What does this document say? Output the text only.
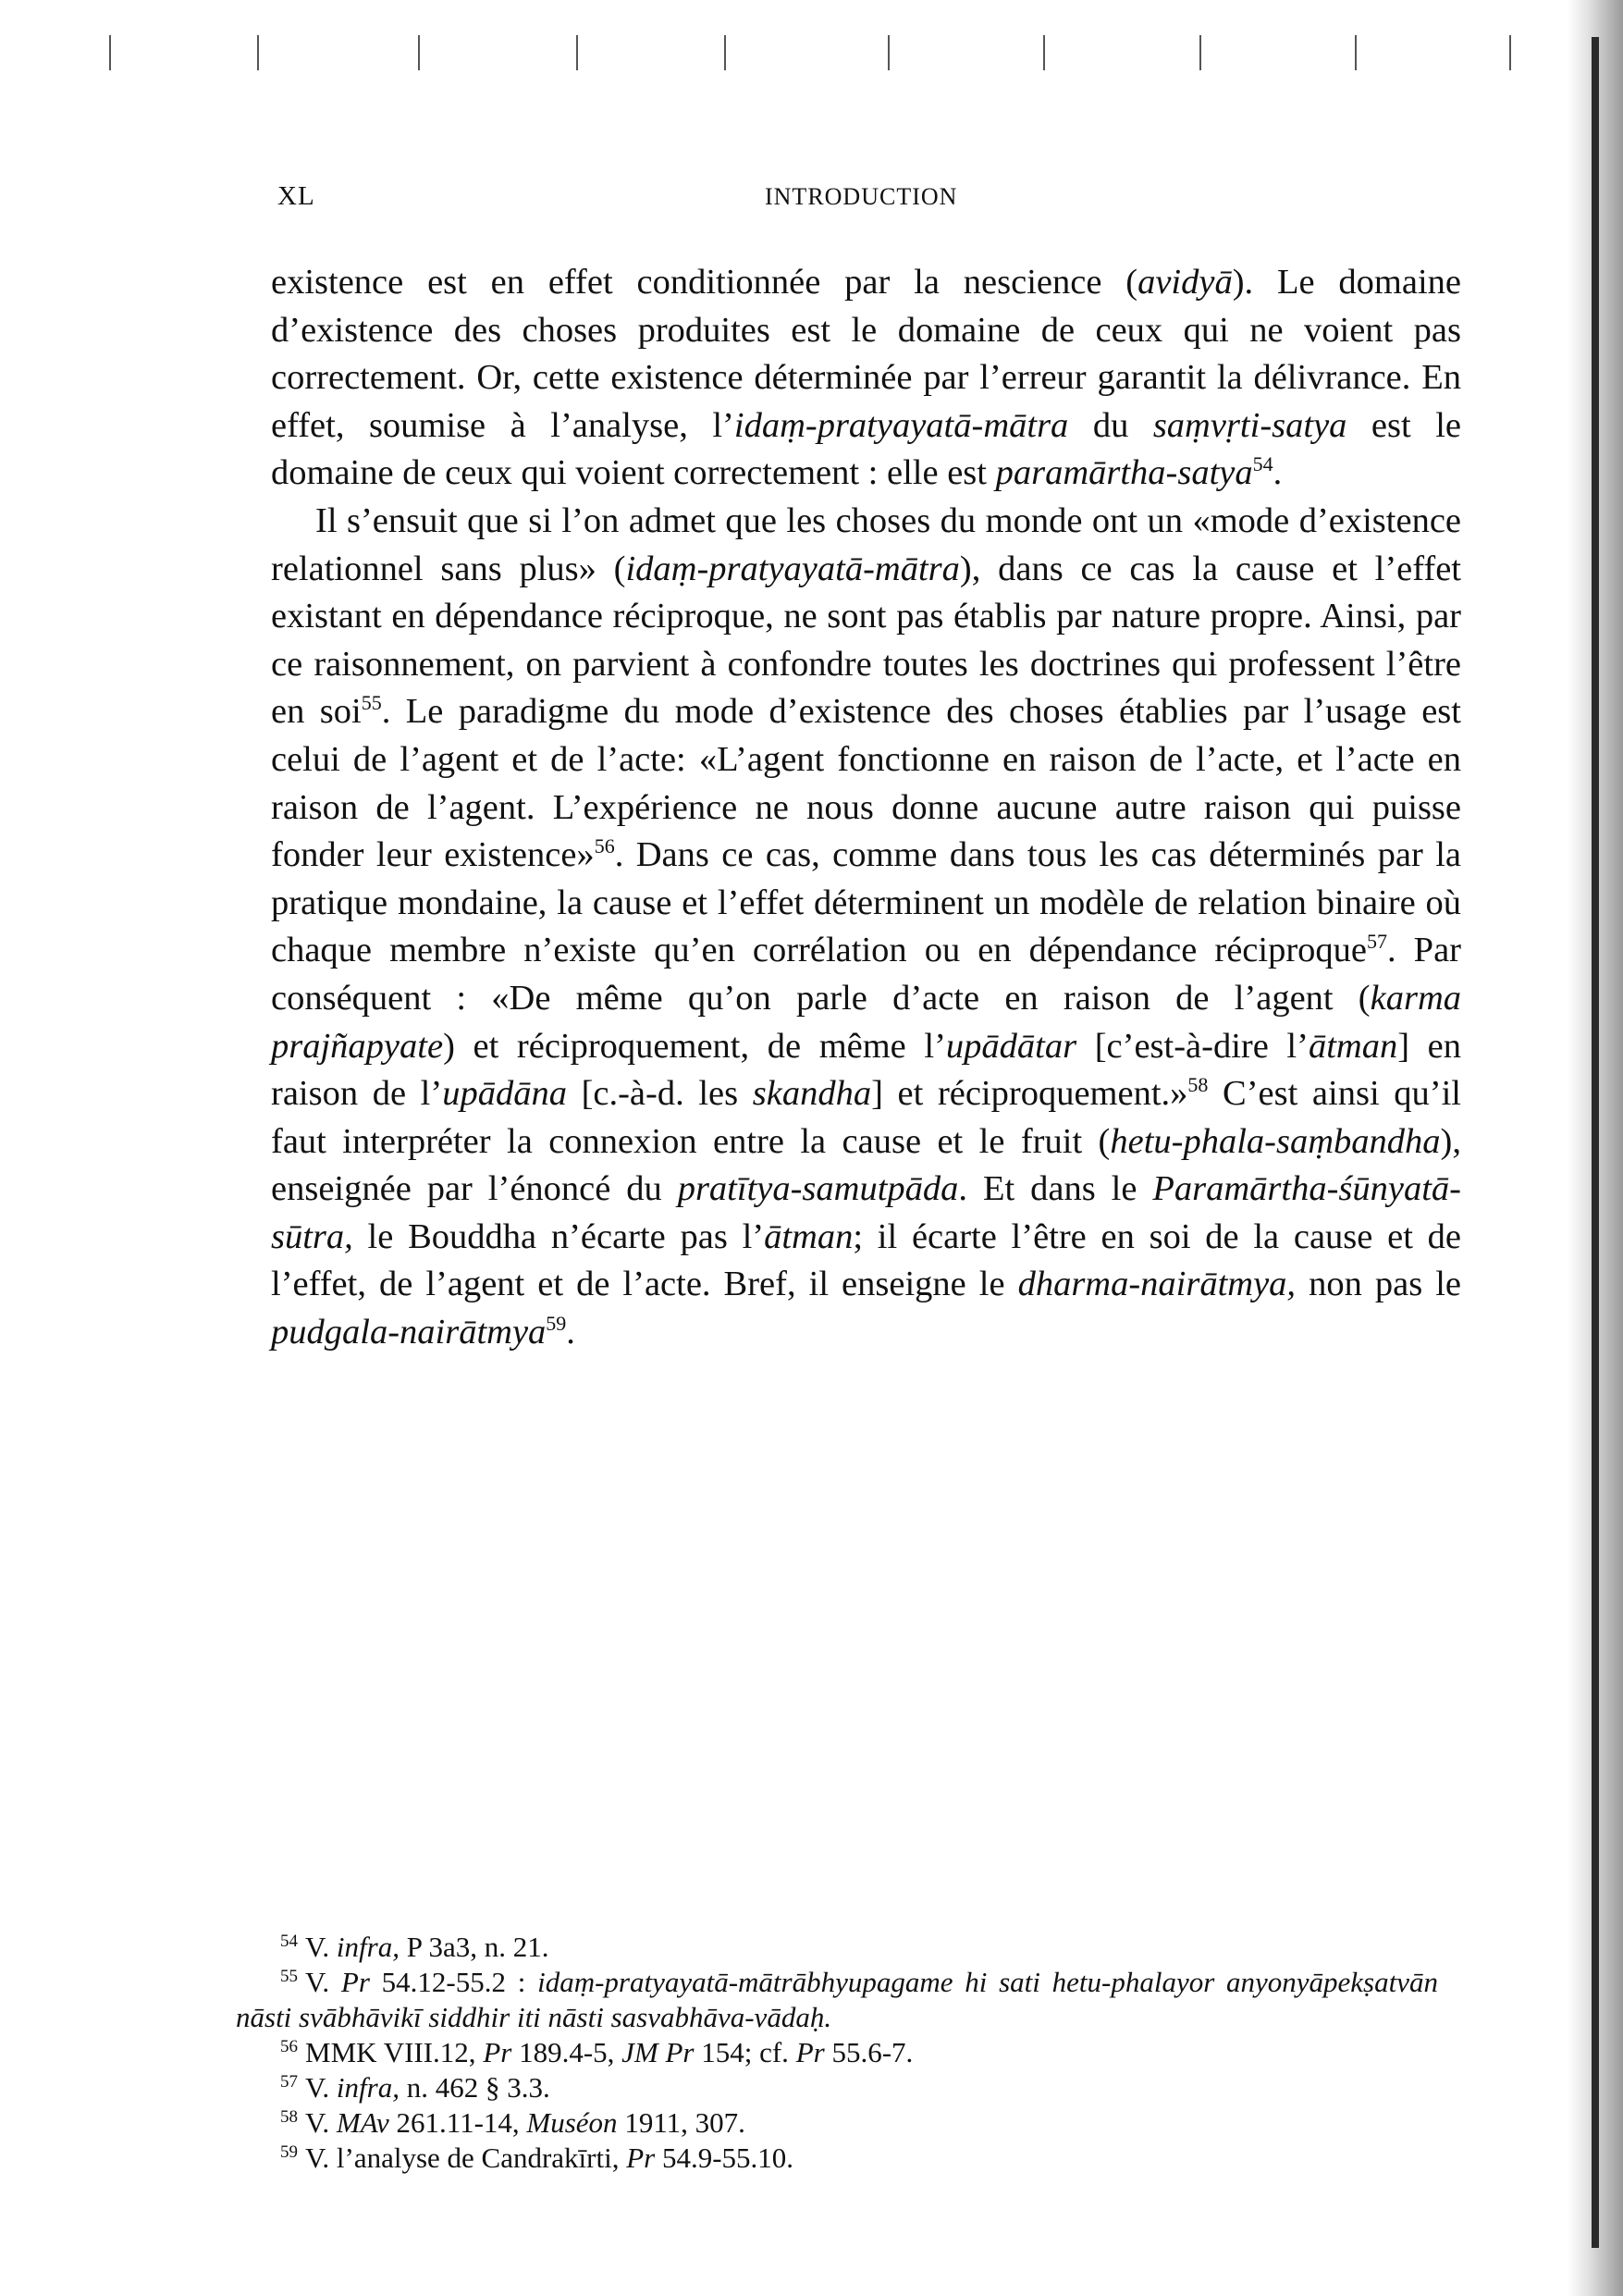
XL	INTRODUCTION

existence est en effet conditionnée par la nescience (avidyā). Le domaine d’existence des choses produites est le domaine de ceux qui ne voient pas correctement. Or, cette existence déterminée par l’erreur garantit la délivrance. En effet, soumise à l’analyse, l’idaṃ-pratyayatā-mātra du saṃvṛti-satya est le domaine de ceux qui voient correctement : elle est paramārtha-satya$^{54}$.

Il s’ensuit que si l’on admet que les choses du monde ont un «mode d’existence relationnel sans plus» (idaṃ-pratyayatā-mātra), dans ce cas la cause et l’effet existant en dépendance réciproque, ne sont pas établis par nature propre. Ainsi, par ce raisonnement, on parvient à confondre toutes les doctrines qui professent l’être en soi$^{55}$. Le paradigme du mode d’existence des choses établies par l’usage est celui de l’agent et de l’acte: «L’agent fonctionne en raison de l’acte, et l’acte en raison de l’agent. L’expérience ne nous donne aucune autre raison qui puisse fonder leur existence»$^{56}$. Dans ce cas, comme dans tous les cas déterminés par la pratique mondaine, la cause et l’effet déterminent un modèle de relation binaire où chaque membre n’existe qu’en corrélation ou en dépendance réciproque$^{57}$. Par conséquent : «De même qu’on parle d’acte en raison de l’agent (karma prajñapyate) et réciproquement, de même l’upādātar [c’est-à-dire l’ātman] en raison de l’upādāna [c.-à-d. les skandha] et réciproquement.»$^{58}$ C’est ainsi qu’il faut interpréter la connexion entre la cause et le fruit (hetu-phala-saṃbandha), enseignée par l’énoncé du pratītya-samutpāda. Et dans le Paramārtha-śūnyatā-sūtra, le Bouddha n’écarte pas l’ātman; il écarte l’être en soi de la cause et de l’effet, de l’agent et de l’acte. Bref, il enseigne le dharma-nairātmya, non pas le pudgala-nairātmya$^{59}$.

$^{54}$ V. infra, P 3a3, n. 21.
$^{55}$ V. Pr 54.12-55.2 : idaṃ-pratyayatā-mātrābhyupagame hi sati hetu-phalayor anyonyāpekṣatvān nāsti svābhāvikī siddhir iti nāsti sasvabhāva-vādaḥ.
$^{56}$ MMK VIII.12, Pr 189.4-5, JM Pr 154; cf. Pr 55.6-7.
$^{57}$ V. infra, n. 462 § 3.3.
$^{58}$ V. MAv 261.11-14, Muséon 1911, 307.
$^{59}$ V. l’analyse de Candrakīrti, Pr 54.9-55.10.
